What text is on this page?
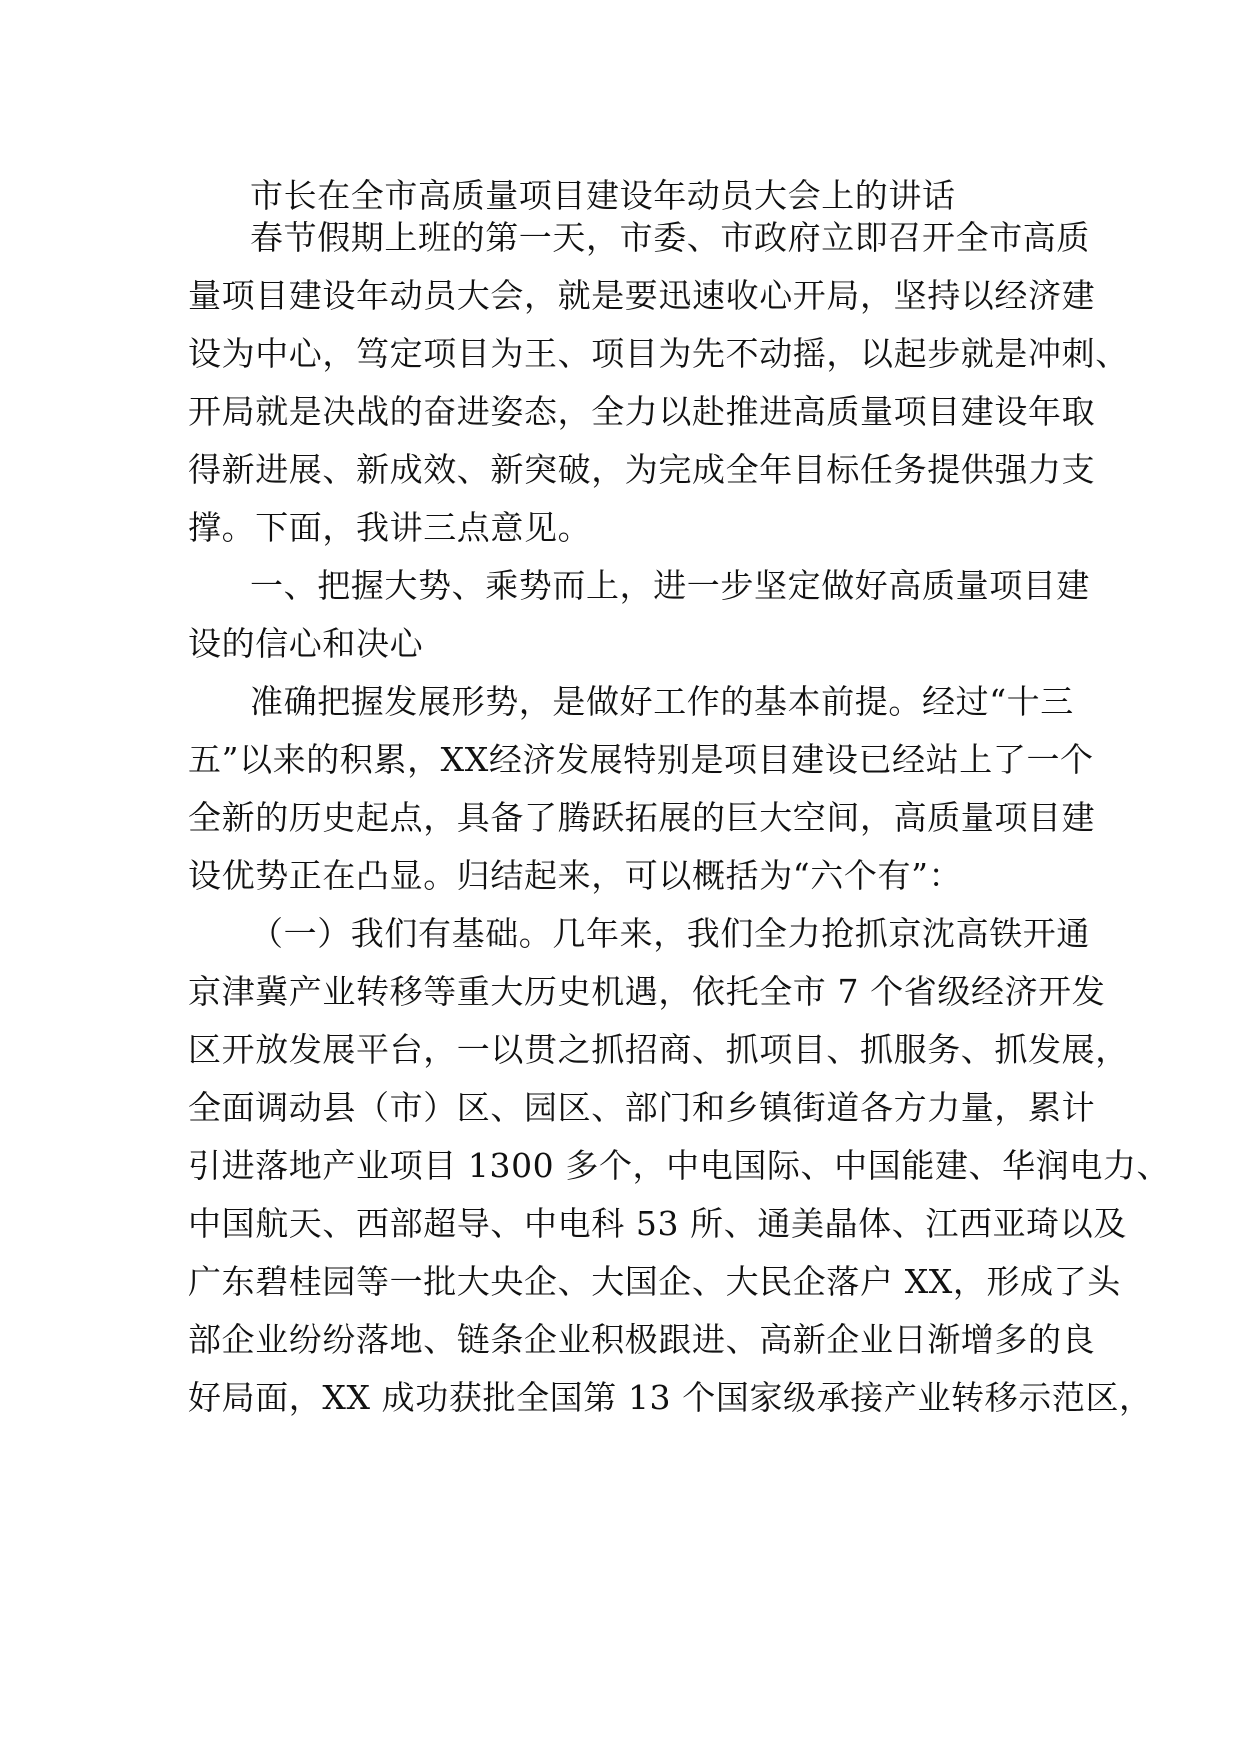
市长在全市高质量项目建设年动员大会上的讲话

春节假期上班的第一天，市委、市政府立即召开全市高质

量项目建设年动员大会，就是要迅速收心开局，坚持以经济建

设为中心，笃定项目为王、项目为先不动摇，以起步就是冲刺、

开局就是决战的奋进姿态，全力以赴推进高质量项目建设年取

得新进展、新成效、新突破，为完成全年目标任务提供强力支

撑。下面，我讲三点意见。

一、把握大势、乘势而上，进一步坚定做好高质量项目建

设的信心和决心

准确把握发展形势，是做好工作的基本前提。经过“十三

五”以来的积累，XX经济发展特别是项目建设已经站上了一个

全新的历史起点，具备了腾跃拓展的巨大空间，高质量项目建

设优势正在凸显。归结起来，可以概括为“六个有”：

（一）我们有基础。几年来，我们全力抢抓京沈高铁开通

京津冀产业转移等重大历史机遇，依托全市 7 个省级经济开发

区开放发展平台，一以贯之抓招商、抓项目、抓服务、抓发展，

全面调动县（市）区、园区、部门和乡镇街道各方力量，累计

引进落地产业项目 1300 多个，中电国际、中国能建、华润电力、

中国航天、西部超导、中电科 53 所、通美晶体、江西亚琦以及

广东碧桂园等一批大央企、大国企、大民企落户 XX，形成了头

部企业纷纷落地、链条企业积极跟进、高新企业日渐增多的良

好局面，XX 成功获批全国第 13 个国家级承接产业转移示范区，
